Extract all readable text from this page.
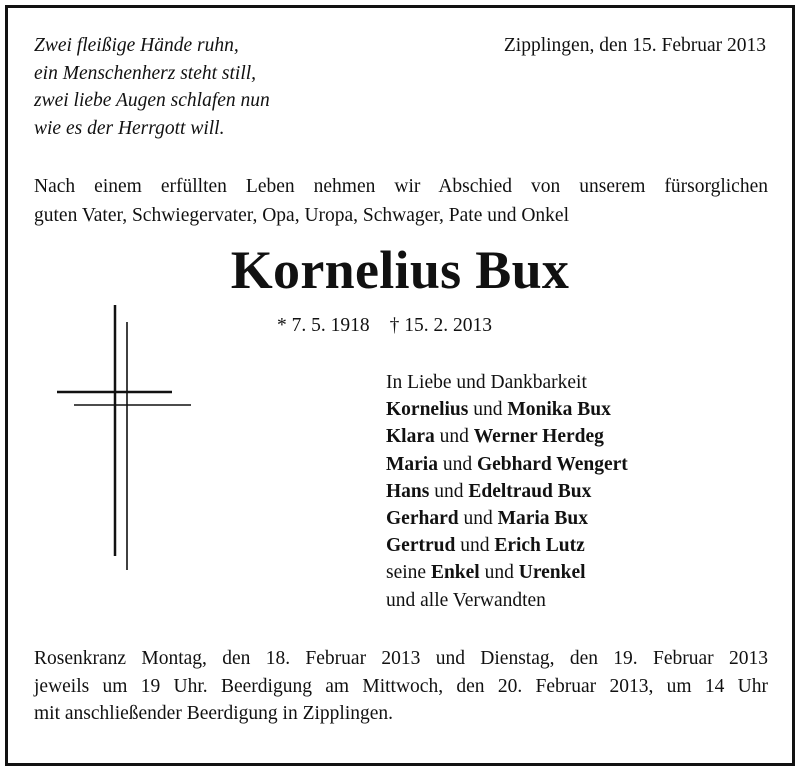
Zwei fleißige Hände ruhn,
ein Menschenherz steht still,
zwei liebe Augen schlafen nun
wie es der Herrgott will.
Zipplingen, den 15. Februar 2013
Nach einem erfüllten Leben nehmen wir Abschied von unserem fürsorglichen
guten Vater, Schwiegervater, Opa, Uropa, Schwager, Pate und Onkel
Kornelius Bux
* 7. 5. 1918 † 15. 2. 2013
In Liebe und Dankbarkeit
Kornelius und Monika Bux
Klara und Werner Herdeg
Maria und Gebhard Wengert
Hans und Edeltraud Bux
Gerhard und Maria Bux
Gertrud und Erich Lutz
seine Enkel und Urenkel
und alle Verwandten
Rosenkranz Montag, den 18. Februar 2013 und Dienstag, den 19. Februar 2013
jeweils um 19 Uhr. Beerdigung am Mittwoch, den 20. Februar 2013, um 14 Uhr
mit anschließender Beerdigung in Zipplingen.
